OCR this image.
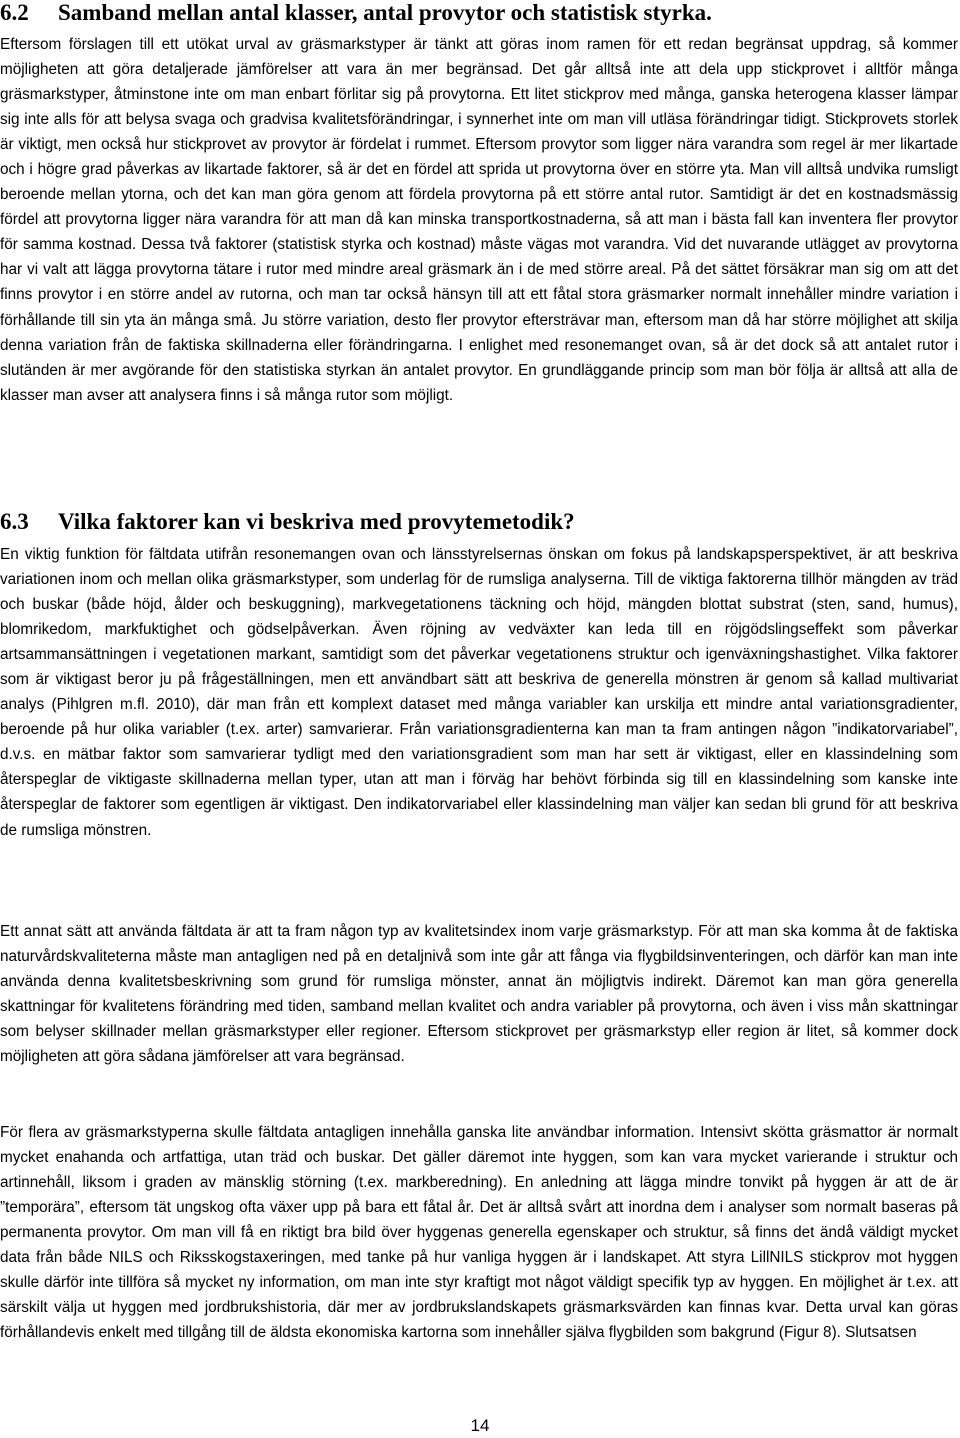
6.2 Samband mellan antal klasser, antal provytor och statistisk styrka.

Eftersom förslagen till ett utökat urval av gräsmarkstyper är tänkt att göras inom ramen för ett redan begränsat uppdrag, så kommer möjligheten att göra detaljerade jämförelser att vara än mer begränsad. Det går alltså inte att dela upp stickprovet i alltför många gräsmarkstyper, åtminstone inte om man enbart förlitar sig på provytorna. Ett litet stickprov med många, ganska heterogena klasser lämpar sig inte alls för att belysa svaga och gradvisa kvalitetsförändringar, i synnerhet inte om man vill utläsa förändringar tidigt. Stickprovets storlek är viktigt, men också hur stickprovet av provytor är fördelat i rummet. Eftersom provytor som ligger nära varandra som regel är mer likartade och i högre grad påverkas av likartade faktorer, så är det en fördel att sprida ut provytorna över en större yta. Man vill alltså undvika rumsligt beroende mellan ytorna, och det kan man göra genom att fördela provytorna på ett större antal rutor. Samtidigt är det en kostnadsmässig fördel att provytorna ligger nära varandra för att man då kan minska transportkostnaderna, så att man i bästa fall kan inventera fler provytor för samma kostnad. Dessa två faktorer (statistisk styrka och kostnad) måste vägas mot varandra. Vid det nuvarande utlägget av provytorna har vi valt att lägga provytorna tätare i rutor med mindre areal gräsmark än i de med större areal. På det sättet försäkrar man sig om att det finns provytor i en större andel av rutorna, och man tar också hänsyn till att ett fåtal stora gräsmarker normalt innehåller mindre variation i förhållande till sin yta än många små. Ju större variation, desto fler provytor eftersträvar man, eftersom man då har större möjlighet att skilja denna variation från de faktiska skillnaderna eller förändringarna. I enlighet med resonemanget ovan, så är det dock så att antalet rutor i slutänden är mer avgörande för den statistiska styrkan än antalet provytor. En grundläggande princip som man bör följa är alltså att alla de klasser man avser att analysera finns i så många rutor som möjligt.

6.3 Vilka faktorer kan vi beskriva med provytemetodik?

En viktig funktion för fältdata utifrån resonemangen ovan och länsstyrelsernas önskan om fokus på landskapsperspektivet, är att beskriva variationen inom och mellan olika gräsmarkstyper, som underlag för de rumsliga analyserna. Till de viktiga faktorerna tillhör mängden av träd och buskar (både höjd, ålder och beskuggning), markvegetationens täckning och höjd, mängden blottat substrat (sten, sand, humus), blomrikedom, markfuktighet och gödselpåverkan. Även röjning av vedväxter kan leda till en röjgödslingseffekt som påverkar artsammansättningen i vegetationen markant, samtidigt som det påverkar vegetationens struktur och igenväxningshastighet. Vilka faktorer som är viktigast beror ju på frågeställningen, men ett användbart sätt att beskriva de generella mönstren är genom så kallad multivariat analys (Pihlgren m.fl. 2010), där man från ett komplext dataset med många variabler kan urskilja ett mindre antal variationsgradienter, beroende på hur olika variabler (t.ex. arter) samvarierar. Från variationsgradienterna kan man ta fram antingen någon ”indikatorvariabel”, d.v.s. en mätbar faktor som samvarierar tydligt med den variationsgradient som man har sett är viktigast, eller en klassindelning som återspeglar de viktigaste skillnaderna mellan typer, utan att man i förväg har behövt förbinda sig till en klassindelning som kanske inte återspeglar de faktorer som egentligen är viktigast. Den indikatorvariabel eller klassindelning man väljer kan sedan bli grund för att beskriva de rumsliga mönstren.

Ett annat sätt att använda fältdata är att ta fram någon typ av kvalitetsindex inom varje gräsmarkstyp. För att man ska komma åt de faktiska naturvårdskvaliteterna måste man antagligen ned på en detaljnivå som inte går att fånga via flygbildsinventeringen, och därför kan man inte använda denna kvalitetsbeskrivning som grund för rumsliga mönster, annat än möjligtvis indirekt. Däremot kan man göra generella skattningar för kvalitetens förändring med tiden, samband mellan kvalitet och andra variabler på provytorna, och även i viss mån skattningar som belyser skillnader mellan gräsmarkstyper eller regioner. Eftersom stickprovet per gräsmarkstyp eller region är litet, så kommer dock möjligheten att göra sådana jämförelser att vara begränsad.

För flera av gräsmarkstyperna skulle fältdata antagligen innehålla ganska lite användbar information. Intensivt skötta gräsmattor är normalt mycket enahanda och artfattiga, utan träd och buskar. Det gäller däremot inte hyggen, som kan vara mycket varierande i struktur och artinnehåll, liksom i graden av mänsklig störning (t.ex. markberedning). En anledning att lägga mindre tonvikt på hyggen är att de är ”temporära”, eftersom tät ungskog ofta växer upp på bara ett fåtal år. Det är alltså svårt att inordna dem i analyser som normalt baseras på permanenta provytor. Om man vill få en riktigt bra bild över hyggenas generella egenskaper och struktur, så finns det ändå väldigt mycket data från både NILS och Riksskogstaxeringen, med tanke på hur vanliga hyggen är i landskapet. Att styra LillNILS stickprov mot hyggen skulle därför inte tillföra så mycket ny information, om man inte styr kraftigt mot något väldigt specifik typ av hyggen. En möjlighet är t.ex. att särskilt välja ut hyggen med jordbrukshistoria, där mer av jordbrukslandskapets gräsmarksvärden kan finnas kvar. Detta urval kan göras förhållandevis enkelt med tillgång till de äldsta ekonomiska kartorna som innehåller själva flygbilden som bakgrund (Figur 8). Slutsatsen

14
